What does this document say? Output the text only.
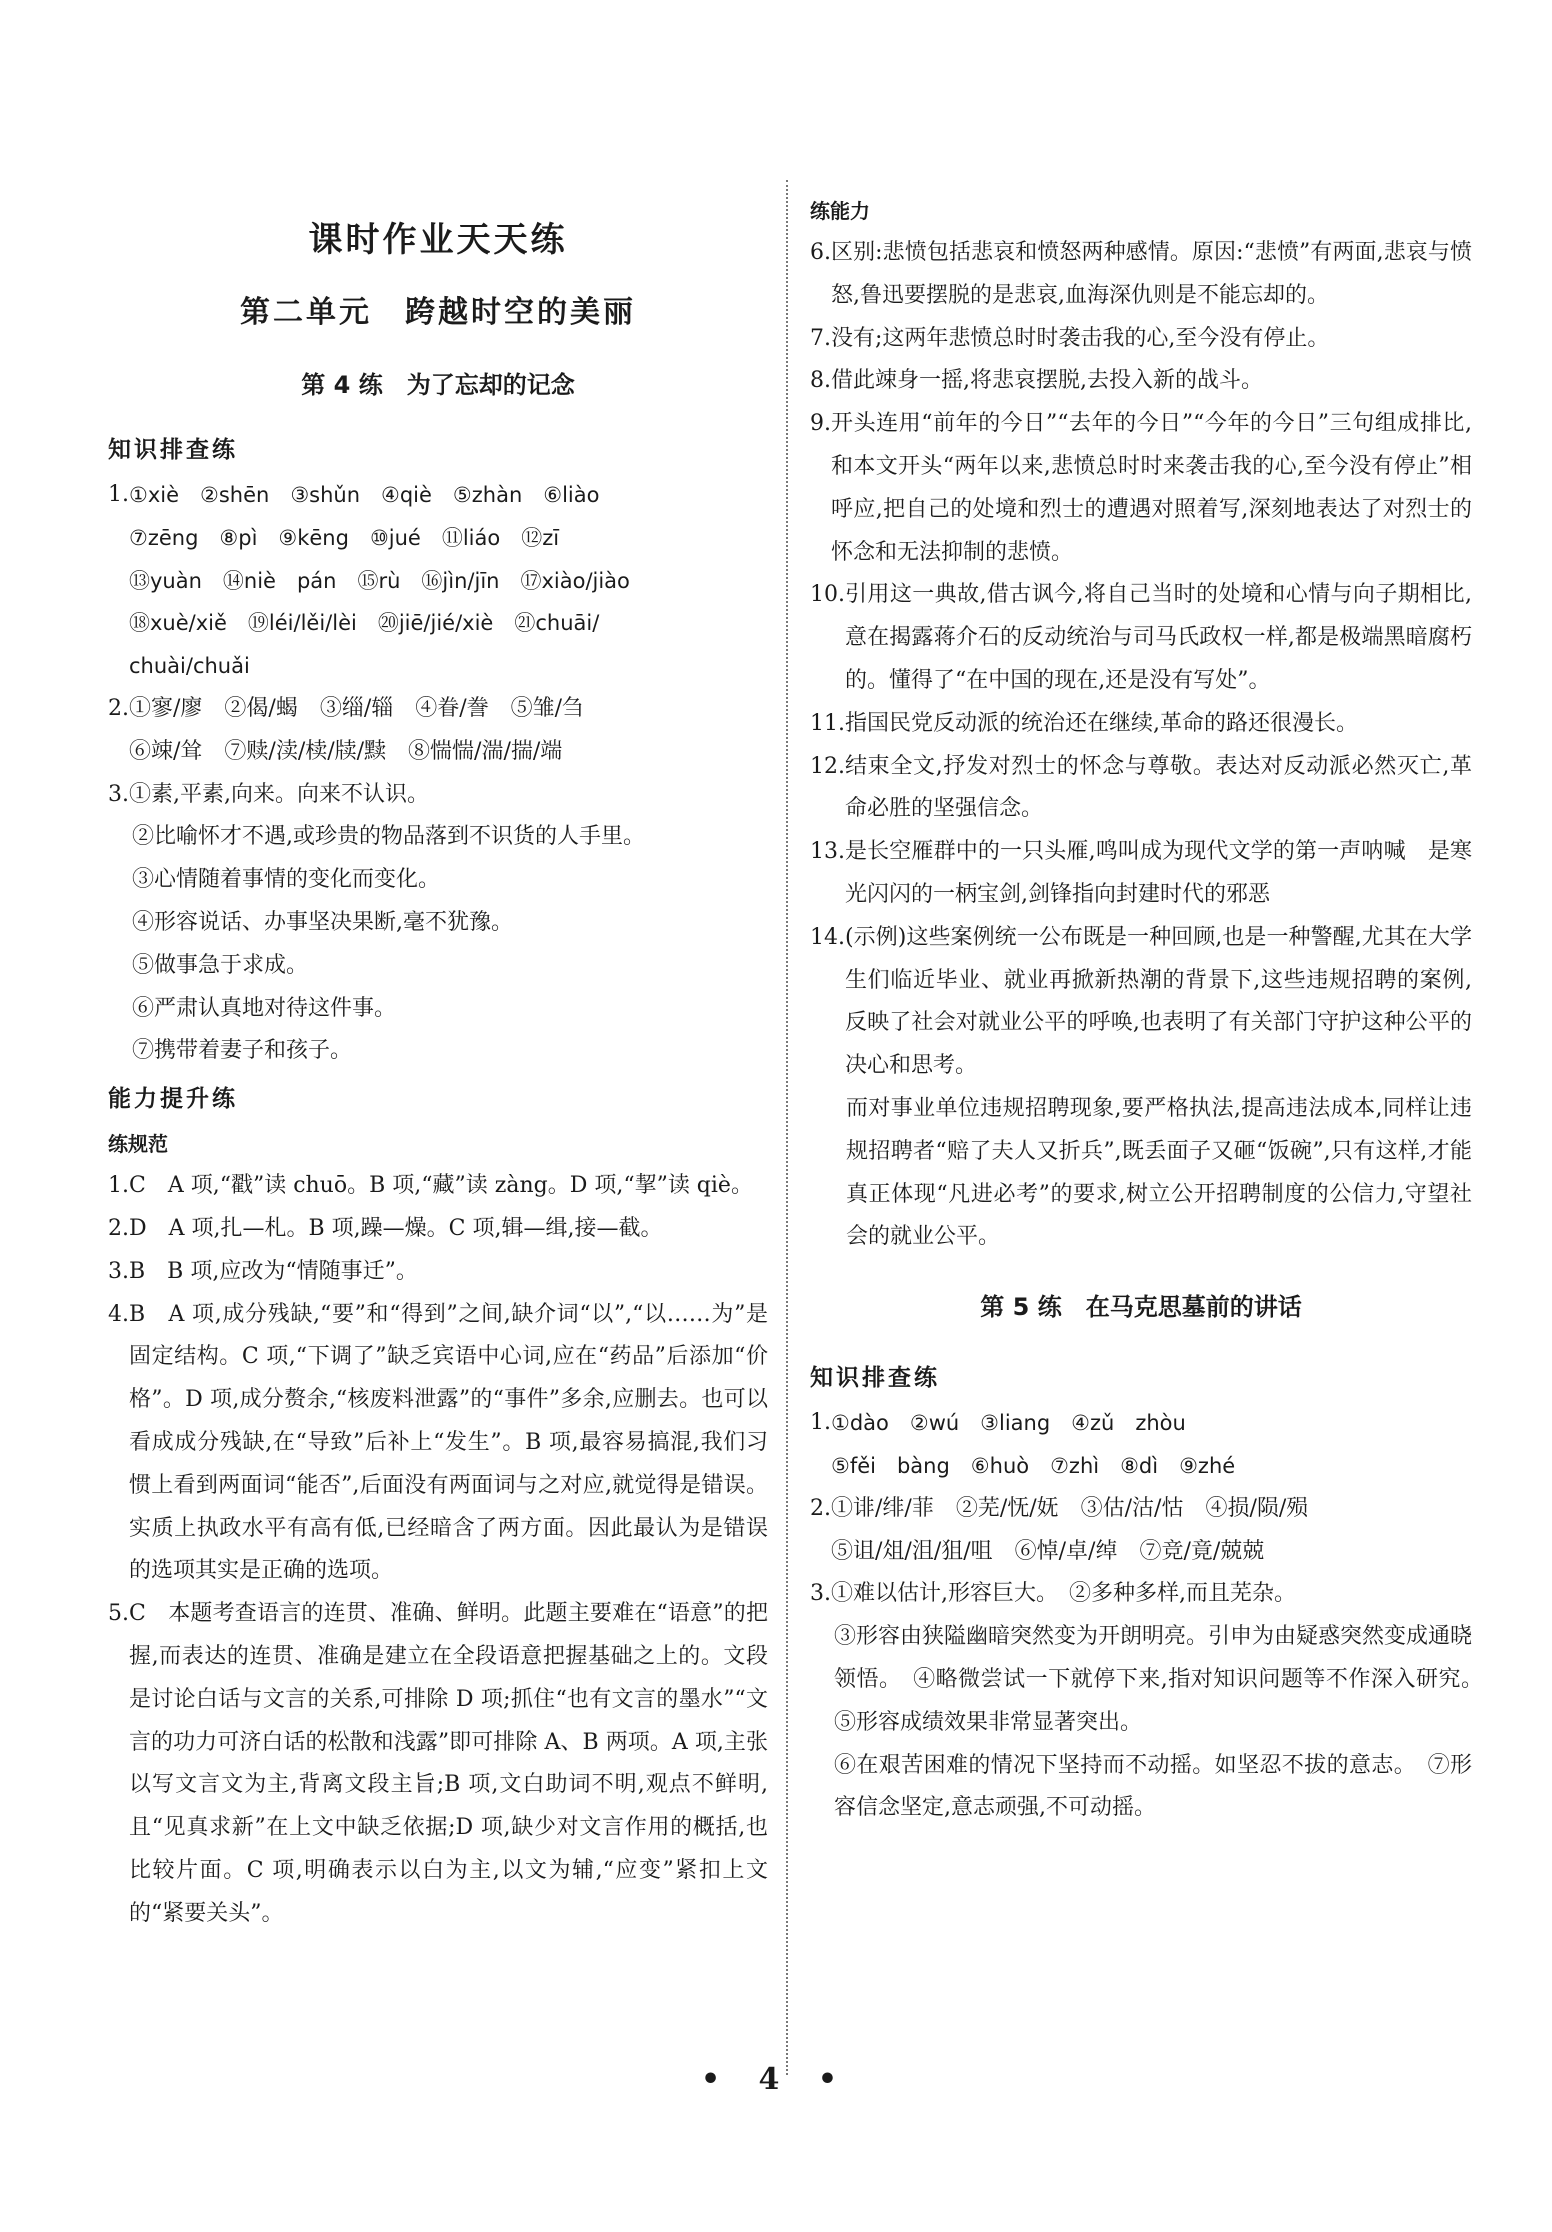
课时作业天天练
第二单元　跨越时空的美丽
第 4 练　为了忘却的记念
知识排查练
1. ①xiè　②shēn　③shǔn　④qiè　⑤zhàn　⑥liào
⑦zēng　⑧pì　⑨kēng　⑩jué　⑪liáo　⑫zī
⑬yuàn　⑭niè　pán　⑮rù　⑯jìn/jīn　⑰xiào/jiào
⑱xuè/xiě　⑲léi/lěi/lèi　⑳jiē/jié/xiè　㉑chuāi/
chuài/chuǎi
2. ①寥/廖　②偈/蝎　③缁/辎　④眷/誊　⑤雏/刍
⑥竦/耸　⑦赎/渎/椟/牍/黩　⑧惴惴/湍/揣/端
3. ①素,平素,向来。向来不认识。
②比喻怀才不遇,或珍贵的物品落到不识货的人手里。
③心情随着事情的变化而变化。
④形容说话、办事坚决果断,毫不犹豫。
⑤做事急于求成。
⑥严肃认真地对待这件事。
⑦携带着妻子和孩子。
能力提升练
练规范
1. C　A 项,“戳”读 chuō。B 项,“藏”读 zàng。D 项,“挈”读 qiè。
2. D　A 项,扎—札。B 项,躁—燥。C 项,辑—缉,接—截。
3. B　B 项,应改为“情随事迁”。
4. B　A 项,成分残缺,“要”和“得到”之间,缺介词“以”,“以……为”是固定结构。C 项,“下调了”缺乏宾语中心词,应在“药品”后添加“价格”。D 项,成分赘余,“核废料泄露”的“事件”多余,应删去。也可以看成成分残缺,在“导致”后补上“发生”。B 项,最容易搞混,我们习惯上看到两面词“能否”,后面没有两面词与之对应,就觉得是错误。实质上执政水平有高有低,已经暗含了两方面。因此最认为是错误的选项其实是正确的选项。
5. C　本题考查语言的连贯、准确、鲜明。此题主要难在“语意”的把握,而表达的连贯、准确是建立在全段语意把握基础之上的。文段是讨论白话与文言的关系,可排除 D 项;抓住“也有文言的墨水”“文言的功力可济白话的松散和浅露”即可排除 A、B 两项。A 项,主张以写文言文为主,背离文段主旨;B 项,文白助词不明,观点不鲜明,且“见真求新”在上文中缺乏依据;D 项,缺少对文言作用的概括,也比较片面。C 项,明确表示以白为主,以文为辅,“应变”紧扣上文的“紧要关头”。
练能力
6. 区别:悲愤包括悲哀和愤怒两种感情。原因:“悲愤”有两面,悲哀与愤怒,鲁迅要摆脱的是悲哀,血海深仇则是不能忘却的。
7. 没有;这两年悲愤总时时袭击我的心,至今没有停止。
8. 借此竦身一摇,将悲哀摆脱,去投入新的战斗。
9. 开头连用“前年的今日”“去年的今日”“今年的今日”三句组成排比,和本文开头“两年以来,悲愤总时时来袭击我的心,至今没有停止”相呼应,把自己的处境和烈士的遭遇对照着写,深刻地表达了对烈士的怀念和无法抑制的悲愤。
10. 引用这一典故,借古讽今,将自己当时的处境和心情与向子期相比,意在揭露蒋介石的反动统治与司马氏政权一样,都是极端黑暗腐朽的。懂得了“在中国的现在,还是没有写处”。
11. 指国民党反动派的统治还在继续,革命的路还很漫长。
12. 结束全文,抒发对烈士的怀念与尊敬。表达对反动派必然灭亡,革命必胜的坚强信念。
13. 是长空雁群中的一只头雁,鸣叫成为现代文学的第一声呐喊　是寒光闪闪的一柄宝剑,剑锋指向封建时代的邪恶
14. (示例)这些案例统一公布既是一种回顾,也是一种警醒,尤其在大学生们临近毕业、就业再掀新热潮的背景下,这些违规招聘的案例,反映了社会对就业公平的呼唤,也表明了有关部门守护这种公平的决心和思考。
而对事业单位违规招聘现象,要严格执法,提高违法成本,同样让违规招聘者“赔了夫人又折兵”,既丢面子又砸“饭碗”,只有这样,才能真正体现“凡进必考”的要求,树立公开招聘制度的公信力,守望社会的就业公平。
第 5 练　在马克思墓前的讲话
知识排查练
1. ①dào　②wú　③liang　④zǔ　zhòu
⑤fěi　bàng　⑥huò　⑦zhì　⑧dì　⑨zhé
2. ①诽/绯/菲　②芜/怃/妩　③估/沽/怙　④损/陨/殒
⑤诅/俎/沮/狙/咀　⑥悼/卓/绰　⑦竞/竟/兢兢
3. ①难以估计,形容巨大。　②多种多样,而且芜杂。
③形容由狭隘幽暗突然变为开朗明亮。引申为由疑惑突然变成通晓领悟。　④略微尝试一下就停下来,指对知识问题等不作深入研究。　⑤形容成绩效果非常显著突出。
⑥在艰苦困难的情况下坚持而不动摇。如坚忍不拔的意志。　⑦形容信念坚定,意志顽强,不可动摇。
• 4 •
